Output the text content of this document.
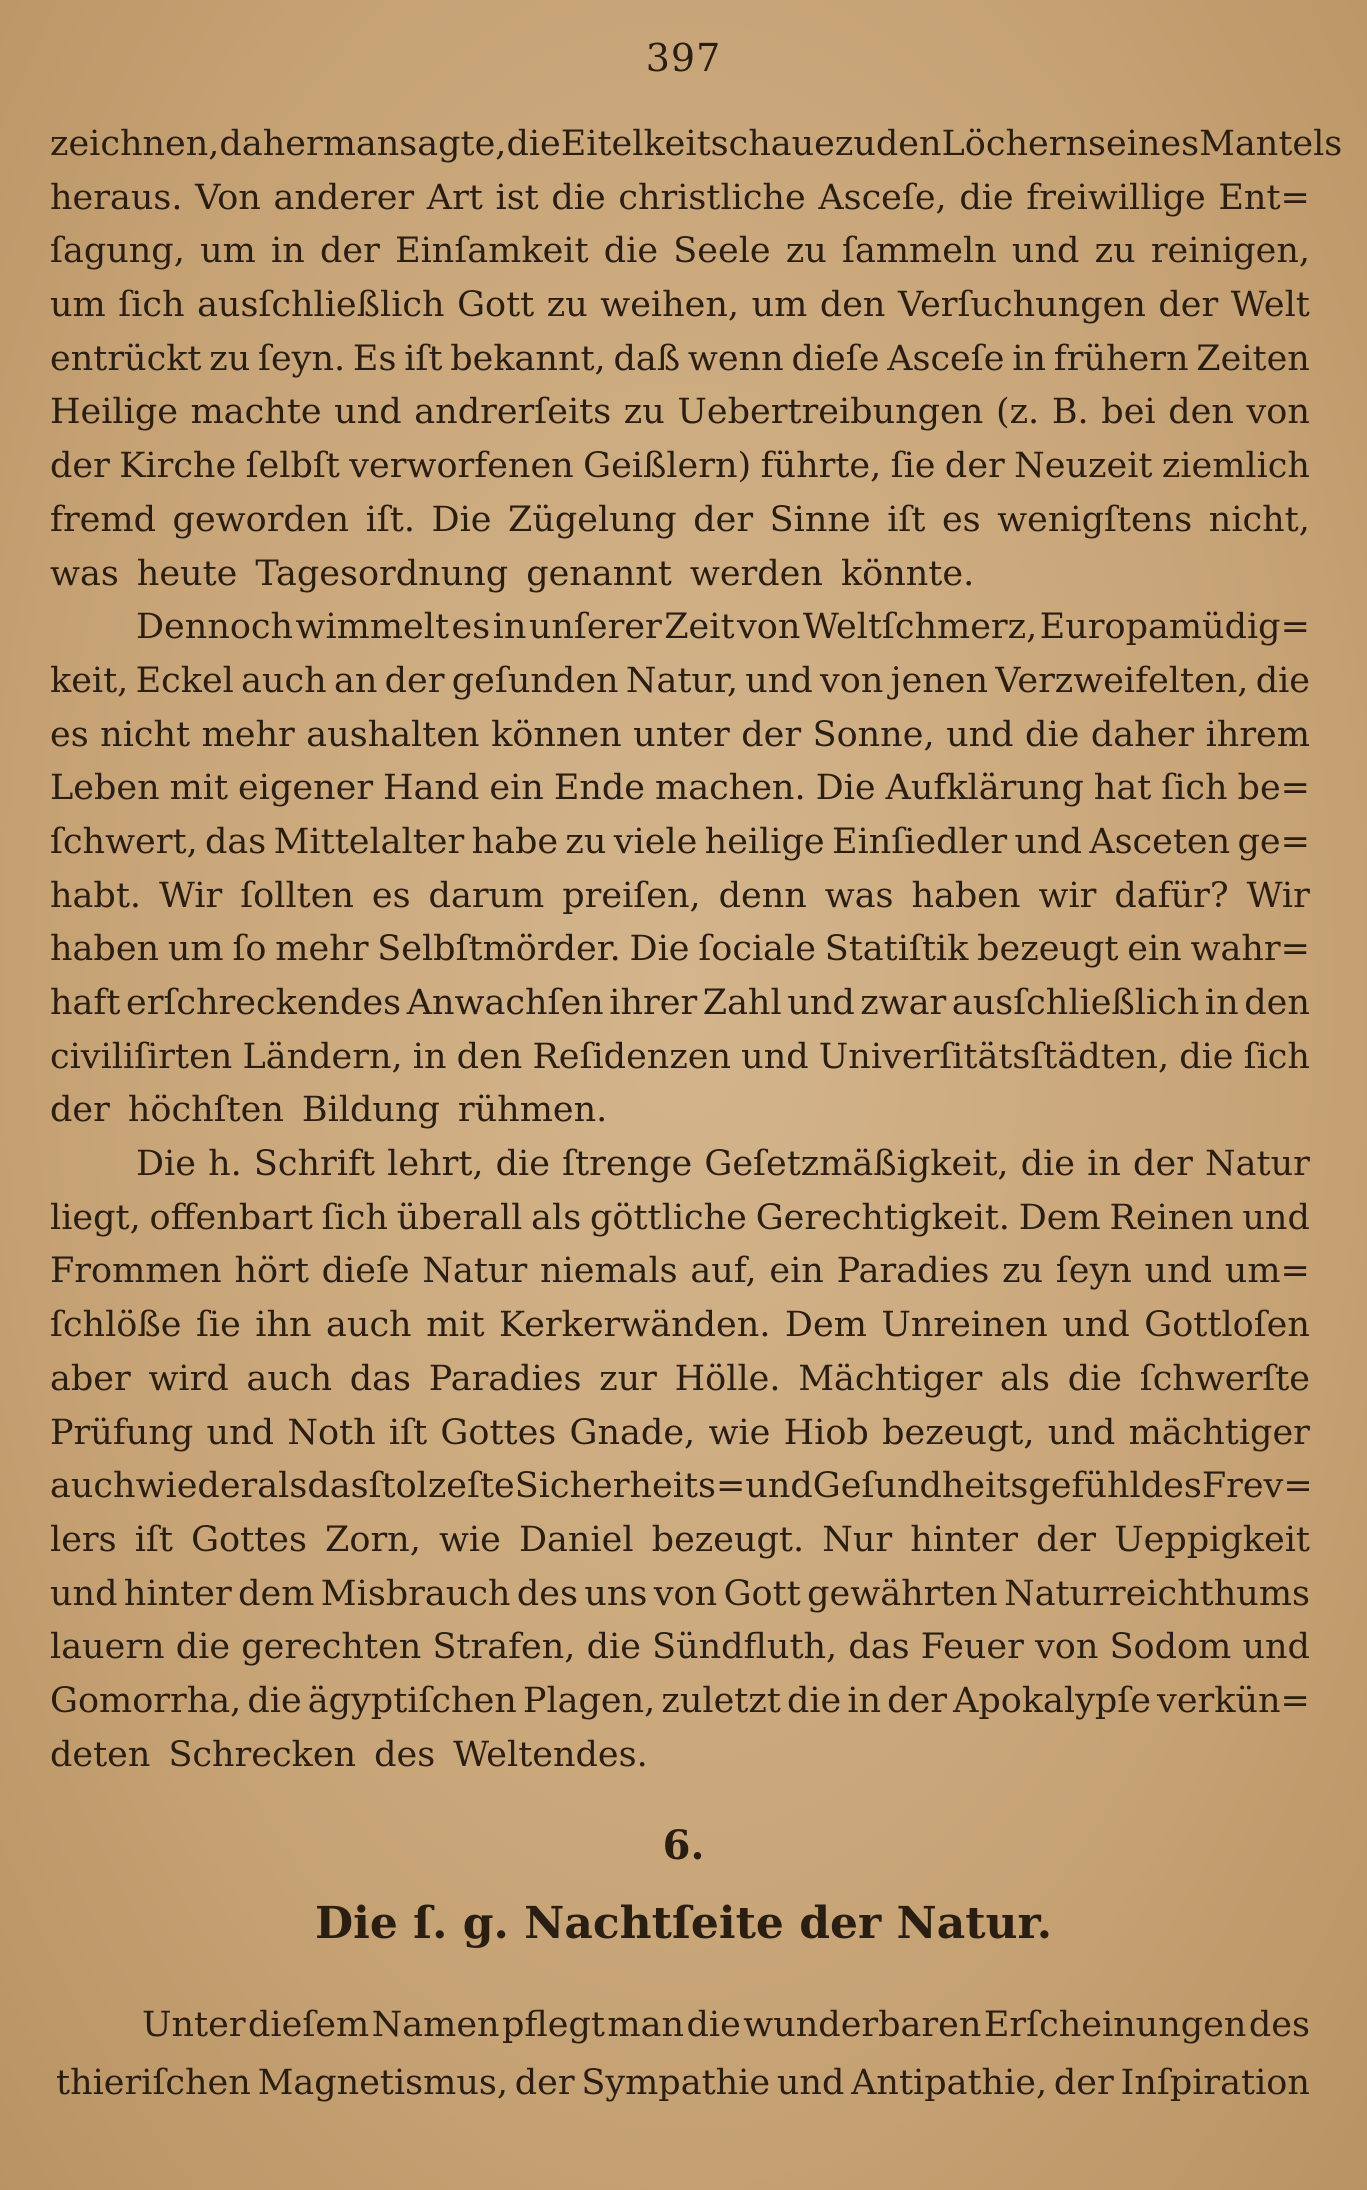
397
zeichnen, daher man sagte, die Eitelkeit schaue zu den Löchern seines Mantels
heraus. Von anderer Art ist die christliche Asceſe, die freiwillige Ent=
ſagung, um in der Einſamkeit die Seele zu ſammeln und zu reinigen,
um ſich ausſchließlich Gott zu weihen, um den Verſuchungen der Welt
entrückt zu ſeyn. Es iſt bekannt, daß wenn dieſe Asceſe in frühern Zeiten
Heilige machte und andrerſeits zu Uebertreibungen (z. B. bei den von
der Kirche ſelbſt verworfenen Geißlern) führte, ſie der Neuzeit ziemlich
fremd geworden iſt. Die Zügelung der Sinne iſt es wenigſtens nicht,
was heute Tagesordnung genannt werden könnte.
Dennoch wimmelt es in unſerer Zeit von Weltſchmerz, Europamüdig=
keit, Eckel auch an der geſunden Natur, und von jenen Verzweifelten, die
es nicht mehr aushalten können unter der Sonne, und die daher ihrem
Leben mit eigener Hand ein Ende machen. Die Aufklärung hat ſich be=
ſchwert, das Mittelalter habe zu viele heilige Einſiedler und Asceten ge=
habt. Wir ſollten es darum preiſen, denn was haben wir dafür? Wir
haben um ſo mehr Selbſtmörder. Die ſociale Statiſtik bezeugt ein wahr=
haft erſchreckendes Anwachſen ihrer Zahl und zwar ausſchließlich in den
civiliſirten Ländern, in den Reſidenzen und Univerſitätsſtädten, die ſich
der höchſten Bildung rühmen.
Die h. Schrift lehrt, die ſtrenge Geſetzmäßigkeit, die in der Natur
liegt, offenbart ſich überall als göttliche Gerechtigkeit. Dem Reinen und
Frommen hört dieſe Natur niemals auf, ein Paradies zu ſeyn und um=
ſchlöße ſie ihn auch mit Kerkerwänden. Dem Unreinen und Gottloſen
aber wird auch das Paradies zur Hölle. Mächtiger als die ſchwerſte
Prüfung und Noth iſt Gottes Gnade, wie Hiob bezeugt, und mächtiger
auch wieder als das ſtolzeſte Sicherheits= und Geſundheitsgefühl des Frev=
lers iſt Gottes Zorn, wie Daniel bezeugt. Nur hinter der Ueppigkeit
und hinter dem Misbrauch des uns von Gott gewährten Naturreichthums
lauern die gerechten Strafen, die Sündfluth, das Feuer von Sodom und
Gomorrha, die ägyptiſchen Plagen, zuletzt die in der Apokalypſe verkün=
deten Schrecken des Weltendes.
6.
Die ſ. g. Nachtſeite der Natur.
Unter dieſem Namen pflegt man die wunderbaren Erſcheinungen des
thieriſchen Magnetismus, der Sympathie und Antipathie, der Inſpiration
